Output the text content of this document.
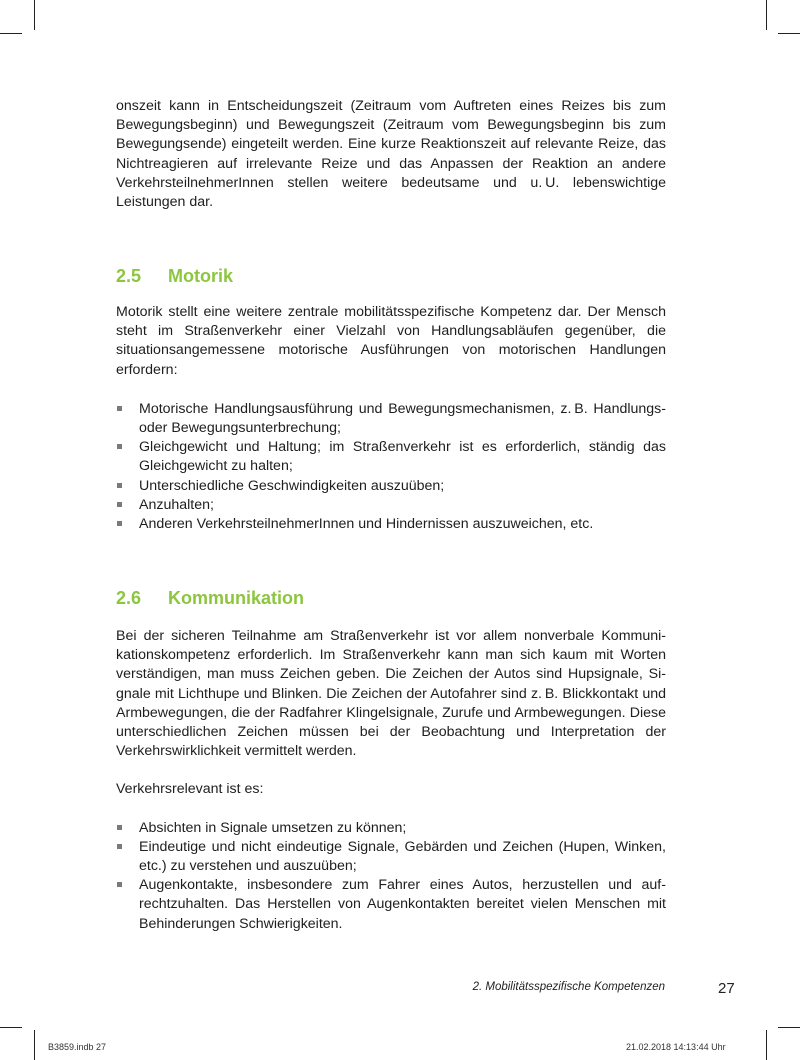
onszeit kann in Entscheidungszeit (Zeitraum vom Auftreten eines Reizes bis zum Bewegungsbeginn) und Bewegungszeit (Zeitraum vom Bewegungsbeginn bis zum Bewegungsende) eingeteilt werden. Eine kurze Reaktionszeit auf relevante Reize, das Nichtreagieren auf irrelevante Reize und das Anpassen der Reaktion an andere VerkehrsteilnehmerInnen stellen weitere bedeutsame und u. U. lebenswichtige Leistungen dar.

2.5	Motorik

Motorik stellt eine weitere zentrale mobilitätsspezifische Kompetenz dar. Der Mensch steht im Straßenverkehr einer Vielzahl von Handlungsabläufen gegenüber, die situationsangemessene motorische Ausführungen von motorischen Handlungen erfordern:

Motorische Handlungsausführung und Bewegungsmechanismen, z. B. Handlungs- oder Bewegungsunterbrechung;
Gleichgewicht und Haltung; im Straßenverkehr ist es erforderlich, ständig das Gleichgewicht zu halten;
Unterschiedliche Geschwindigkeiten auszuüben;
Anzuhalten;
Anderen VerkehrsteilnehmerInnen und Hindernissen auszuweichen, etc.
2.6	Kommunikation

Bei der sicheren Teilnahme am Straßenverkehr ist vor allem nonverbale Kommunikationskompetenz erforderlich. Im Straßenverkehr kann man sich kaum mit Worten verständigen, man muss Zeichen geben. Die Zeichen der Autos sind Hupsignale, Signale mit Lichthupe und Blinken. Die Zeichen der Autofahrer sind z. B. Blickkontakt und Armbewegungen, die der Radfahrer Klingelsignale, Zurufe und Armbewegungen. Diese unterschiedlichen Zeichen müssen bei der Beobachtung und Interpretation der Verkehrswirklichkeit vermittelt werden.

Verkehrsrelevant ist es:

Absichten in Signale umsetzen zu können;
Eindeutige und nicht eindeutige Signale, Gebärden und Zeichen (Hupen, Winken, etc.) zu verstehen und auszuüben;
Augenkontakte, insbesondere zum Fahrer eines Autos, herzustellen und aufrechtzuhalten. Das Herstellen von Augenkontakten bereitet vielen Menschen mit Behinderungen Schwierigkeiten.
2. Mobilitätsspezifische Kompetenzen	27
B3859.indb 27	21.02.2018 14:13:44 Uhr
